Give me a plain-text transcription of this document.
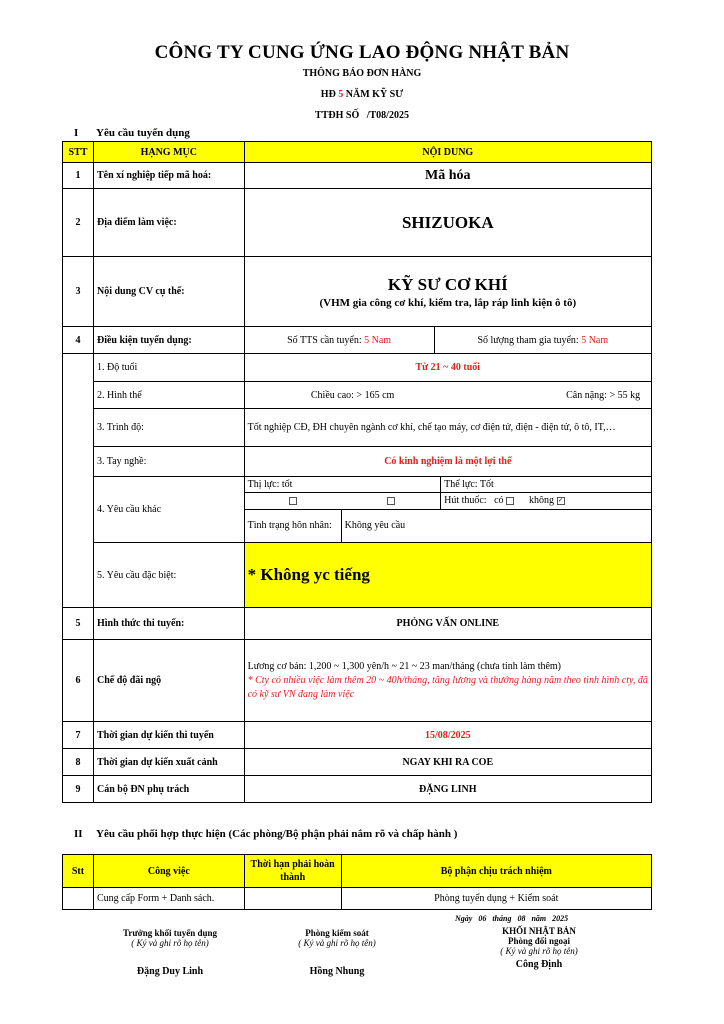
CÔNG TY CUNG ỨNG LAO ĐỘNG NHẬT BẢN
THÔNG BÁO ĐƠN HÀNG
HĐ 5 NĂM KỸ SƯ
TTĐH SỐ   /T08/2025
I Yêu cầu tuyển dụng
STT	HẠNG MỤC	NỘI DUNG
1	Tên xí nghiệp tiếp mã hoá:	Mã hóa
2	Địa điểm làm việc:	SHIZUOKA
3	Nội dung CV cụ thể:	KỸ SƯ CƠ KHÍ
(VHM gia công cơ khí, kiểm tra, lắp ráp linh kiện ô tô)

4	Điều kiện tuyển dụng:		Số TTS cần tuyển: 5 Nam	Số lượng tham gia tuyển: 5 Nam

	1. Độ tuổi	Từ 21 ~ 40 tuổi
2. Hình thể	Chiều cao: > 165 cm	Cân nặng: > 55 kg
3. Trình độ:	Tốt nghiệp CĐ, ĐH chuyên ngành cơ khí, chế tạo máy, cơ điện tử, điện - điện tử, ô tô, IT,…
3. Tay nghề:	Có kinh nghiệm là một lợi thế
4. Yêu cầu khác	
Thị lực: tốt	Thể lực: Tốt
		Hút thuốc: có	không ✓
Tình trạng hôn nhân:	Không yêu cầu

5. Yêu cầu đặc biệt:	* Không yc tiếng
5	Hình thức thi tuyển:	PHỎNG VẤN ONLINE
6	Chế độ đãi ngộ	
Lương cơ bản: 1,200 ~ 1,300 yên/h ~ 21 ~ 23 man/tháng (chưa tính làm thêm)
* Cty có nhiều việc làm thêm 20 ~ 40h/tháng, tăng lương và thưởng hàng năm theo tình hình cty, đã có kỹ sư VN đang làm việc

7	Thời gian dự kiến thi tuyển	15/08/2025
8	Thời gian dự kiến xuất cảnh	NGAY KHI RA COE
9	Cán bộ ĐN phụ trách	ĐẶNG LINH
II Yêu cầu phối hợp thực hiện (Các phòng/Bộ phận phải nắm rõ và chấp hành )
Stt	Công việc	Thời hạn phải hoàn thành	Bộ phận chịu trách nhiệm
	Cung cấp Form + Danh sách.		Phòng tuyển dụng + Kiểm soát
Ngày   06   tháng   08   năm   2025
Trưởng khối tuyển dụng
( Ký và ghi rõ họ tên)
Đặng Duy Linh
Phòng kiểm soát
( Ký và ghi rõ họ tên)
Hồng Nhung
KHỐI NHẬT BẢN
Phòng đối ngoại
( Ký và ghi rõ họ tên)
Công Định
